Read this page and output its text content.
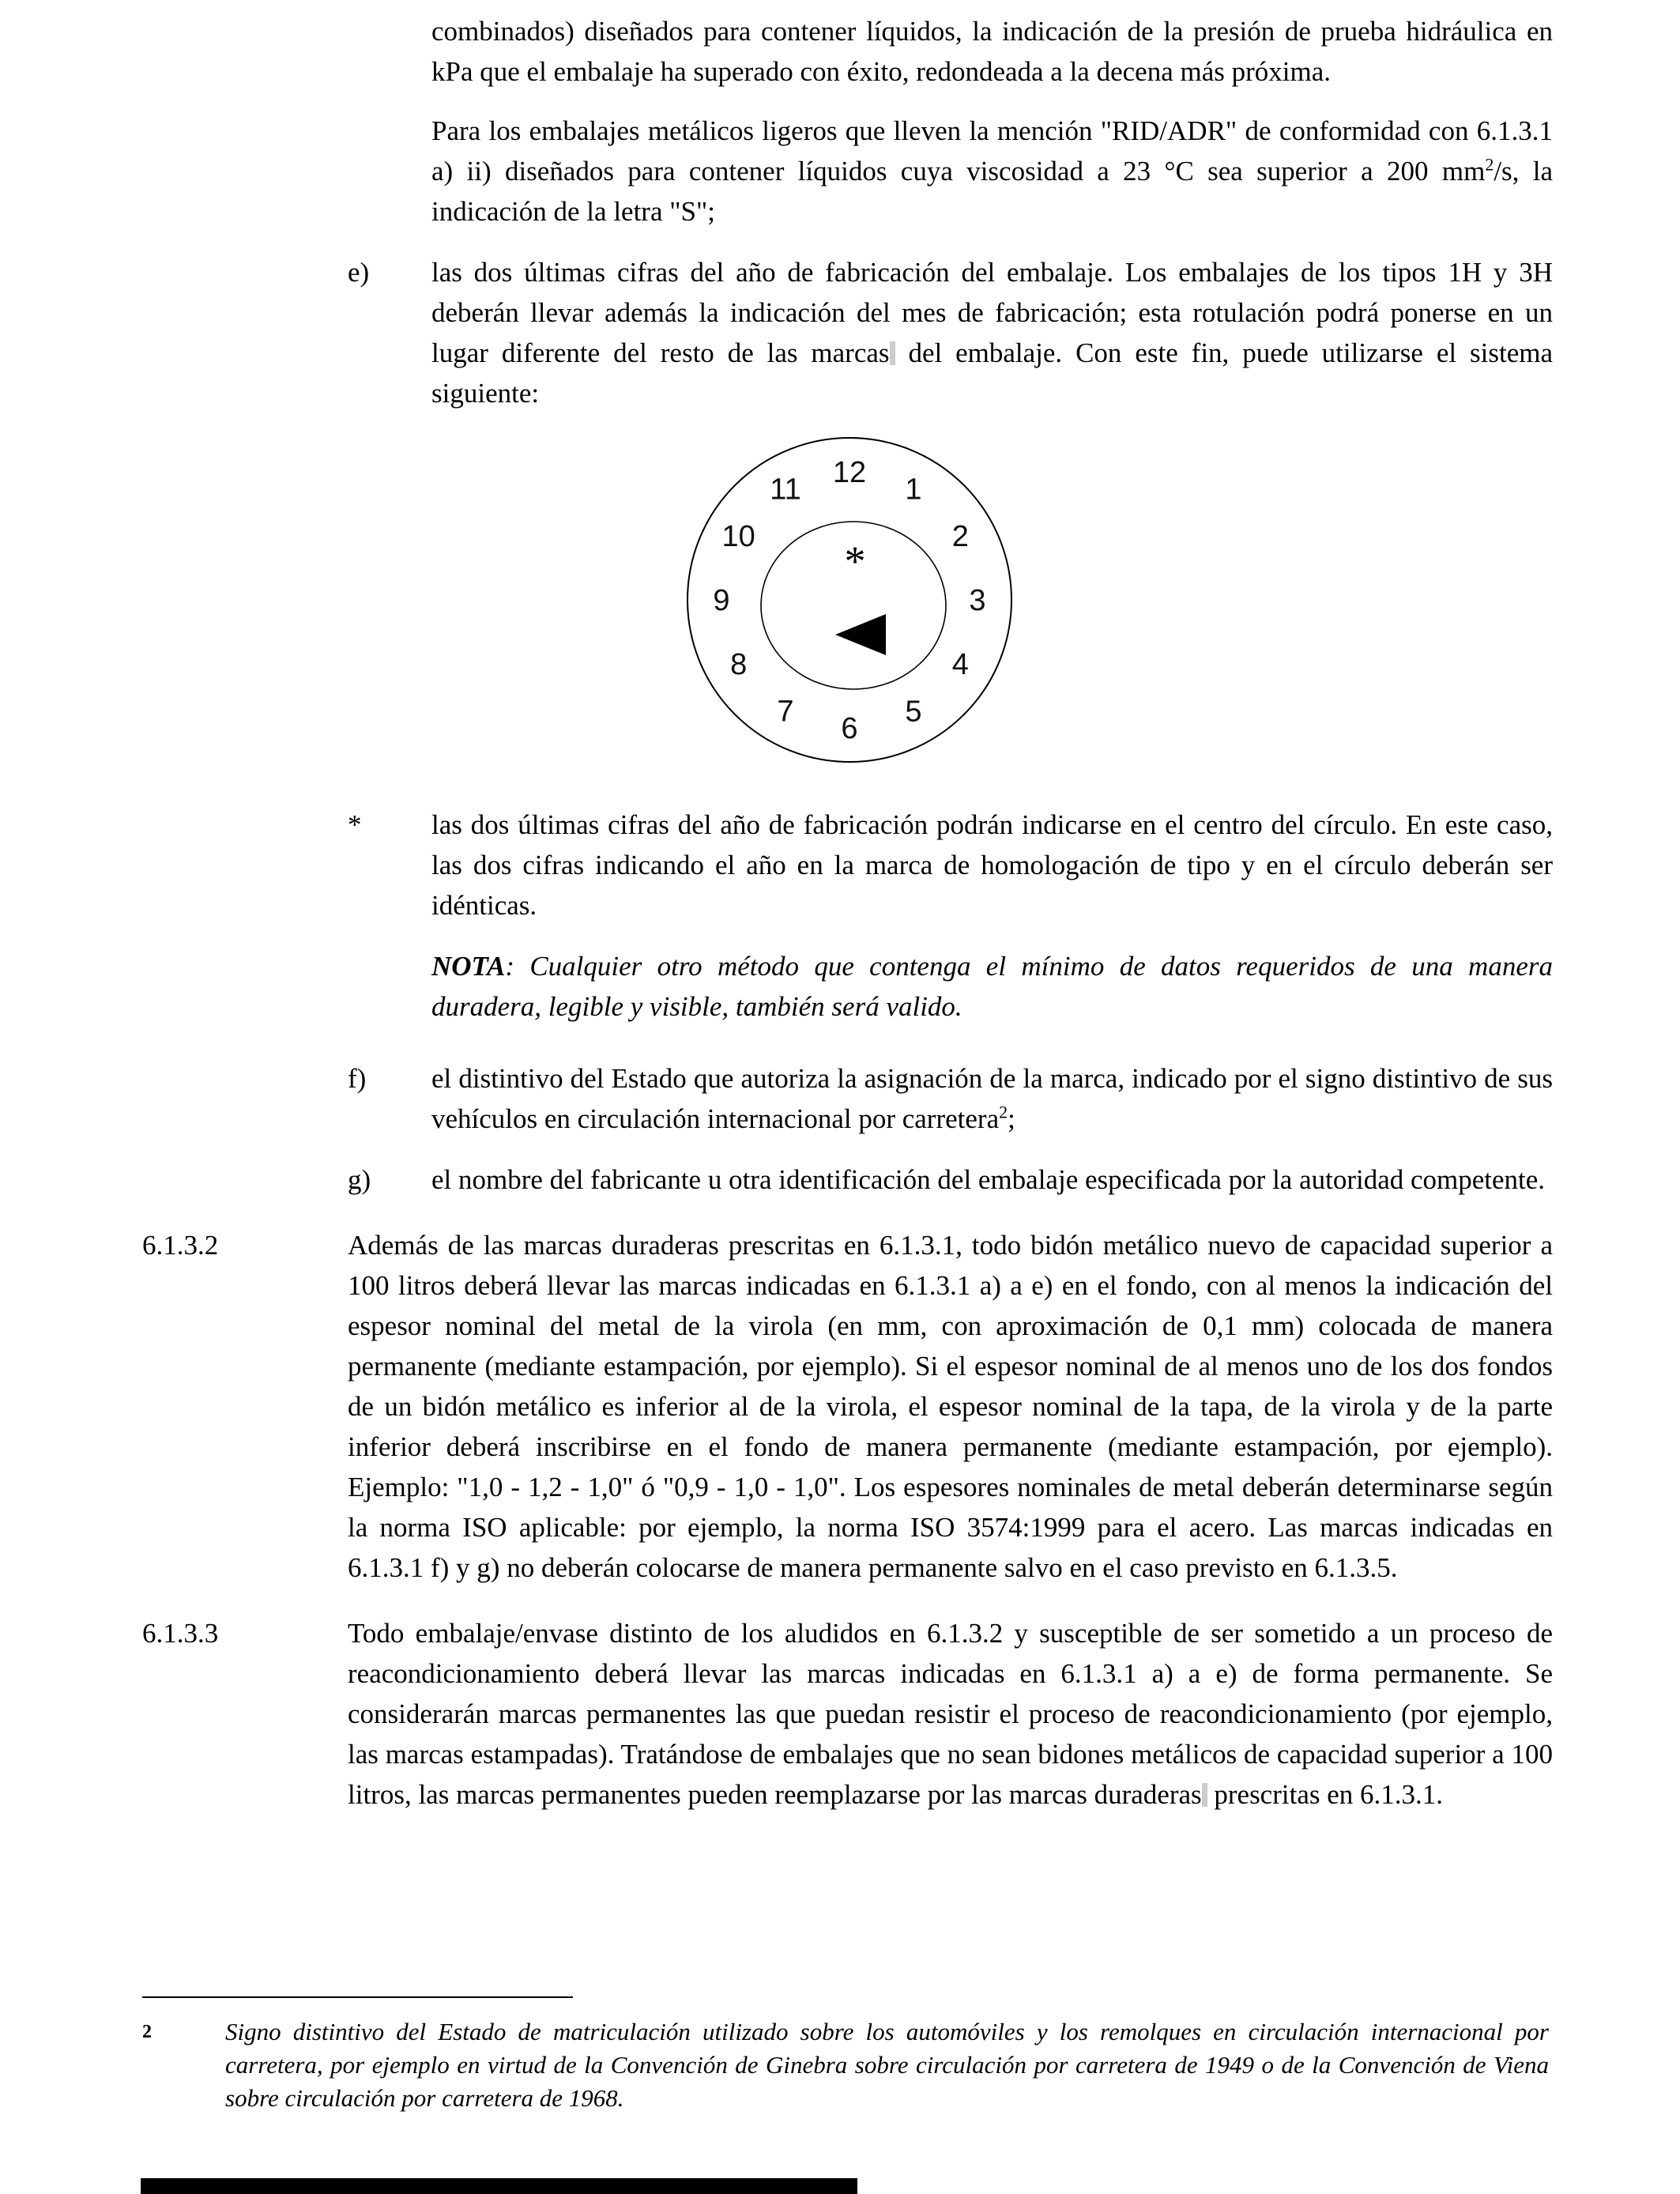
combinados) diseñados para contener líquidos, la indicación de la presión de prueba hidráulica en kPa que el embalaje ha superado con éxito, redondeada a la decena más próxima.

Para los embalajes metálicos ligeros que lleven la mención "RID/ADR" de conformidad con 6.1.3.1 a) ii) diseñados para contener líquidos cuya viscosidad a 23 °C sea superior a 200 mm$^2$/s, la indicación de la letra "S";

e)	las dos últimas cifras del año de fabricación del embalaje. Los embalajes de los tipos 1H y 3H deberán llevar además la indicación del mes de fabricación; esta rotulación podrá ponerse en un lugar diferente del resto de las marcas del embalaje. Con este fin, puede utilizarse el sistema siguiente:
12
1
2
3
4
5
6
7
8
9
10
11
*
*	las dos últimas cifras del año de fabricación podrán indicarse en el centro del círculo. En este caso, las dos cifras indicando el año en la marca de homologación de tipo y en el círculo deberán ser idénticas.
NOTA: Cualquier otro método que contenga el mínimo de datos requeridos de una manera duradera, legible y visible, también será valido.
f)	el distintivo del Estado que autoriza la asignación de la marca, indicado por el signo distintivo de sus vehículos en circulación internacional por carretera$^2$;
g)	el nombre del fabricante u otra identificación del embalaje especificada por la autoridad competente.
6.1.3.2	Además de las marcas duraderas prescritas en 6.1.3.1, todo bidón metálico nuevo de capacidad superior a 100 litros deberá llevar las marcas indicadas en 6.1.3.1 a) a e) en el fondo, con al menos la indicación del espesor nominal del metal de la virola (en mm, con aproximación de 0,1 mm) colocada de manera permanente (mediante estampación, por ejemplo). Si el espesor nominal de al menos uno de los dos fondos de un bidón metálico es inferior al de la virola, el espesor nominal de la tapa, de la virola y de la parte inferior deberá inscribirse en el fondo de manera permanente (mediante estampación, por ejemplo). Ejemplo: "1,0 - 1,2 - 1,0" ó "0,9 - 1,0 - 1,0". Los espesores nominales de metal deberán determinarse según la norma ISO aplicable: por ejemplo, la norma ISO 3574:1999 para el acero. Las marcas indicadas en 6.1.3.1 f) y g) no deberán colocarse de manera permanente salvo en el caso previsto en 6.1.3.5.
6.1.3.3	Todo embalaje/envase distinto de los aludidos en 6.1.3.2 y susceptible de ser sometido a un proceso de reacondicionamiento deberá llevar las marcas indicadas en 6.1.3.1 a) a e) de forma permanente. Se considerarán marcas permanentes las que puedan resistir el proceso de reacondicionamiento (por ejemplo, las marcas estampadas). Tratándose de embalajes que no sean bidones metálicos de capacidad superior a 100 litros, las marcas permanentes pueden reemplazarse por las marcas duraderas prescritas en 6.1.3.1.
2	Signo distintivo del Estado de matriculación utilizado sobre los automóviles y los remolques en circulación internacional por carretera, por ejemplo en virtud de la Convención de Ginebra sobre circulación por carretera de 1949 o de la Convención de Viena sobre circulación por carretera de 1968.
